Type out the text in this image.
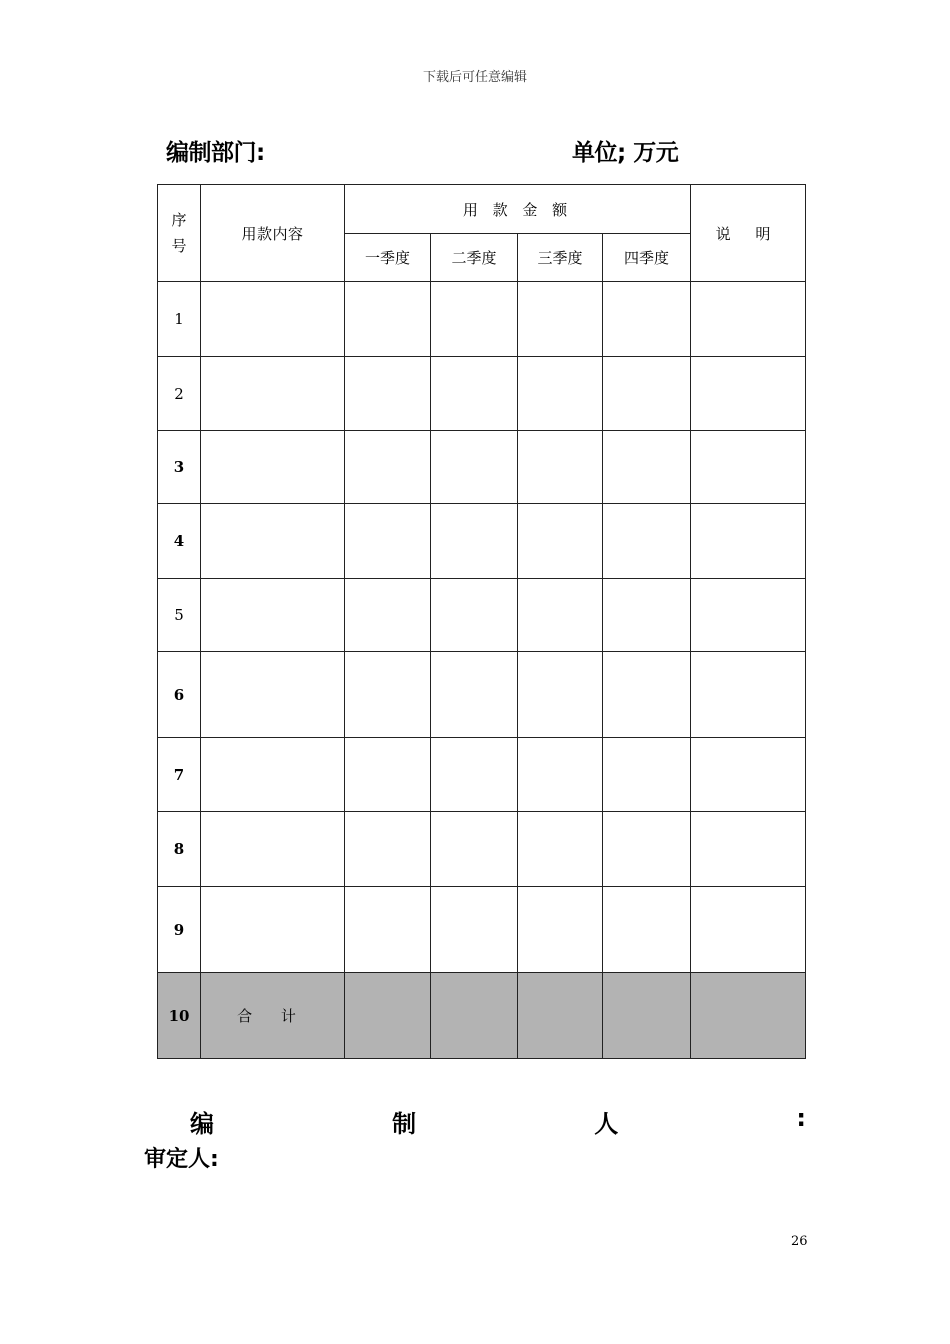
下载后可任意编辑
编制部门:	单位; 万元
序
号	用款内容	用 款 金 额				说 明
		一季度	二季度	三季度	四季度	
1						
2						
3						
4						
5						
6						
7						
8						
9						
10	合 计					
编	制	人	:
审定人:
26
